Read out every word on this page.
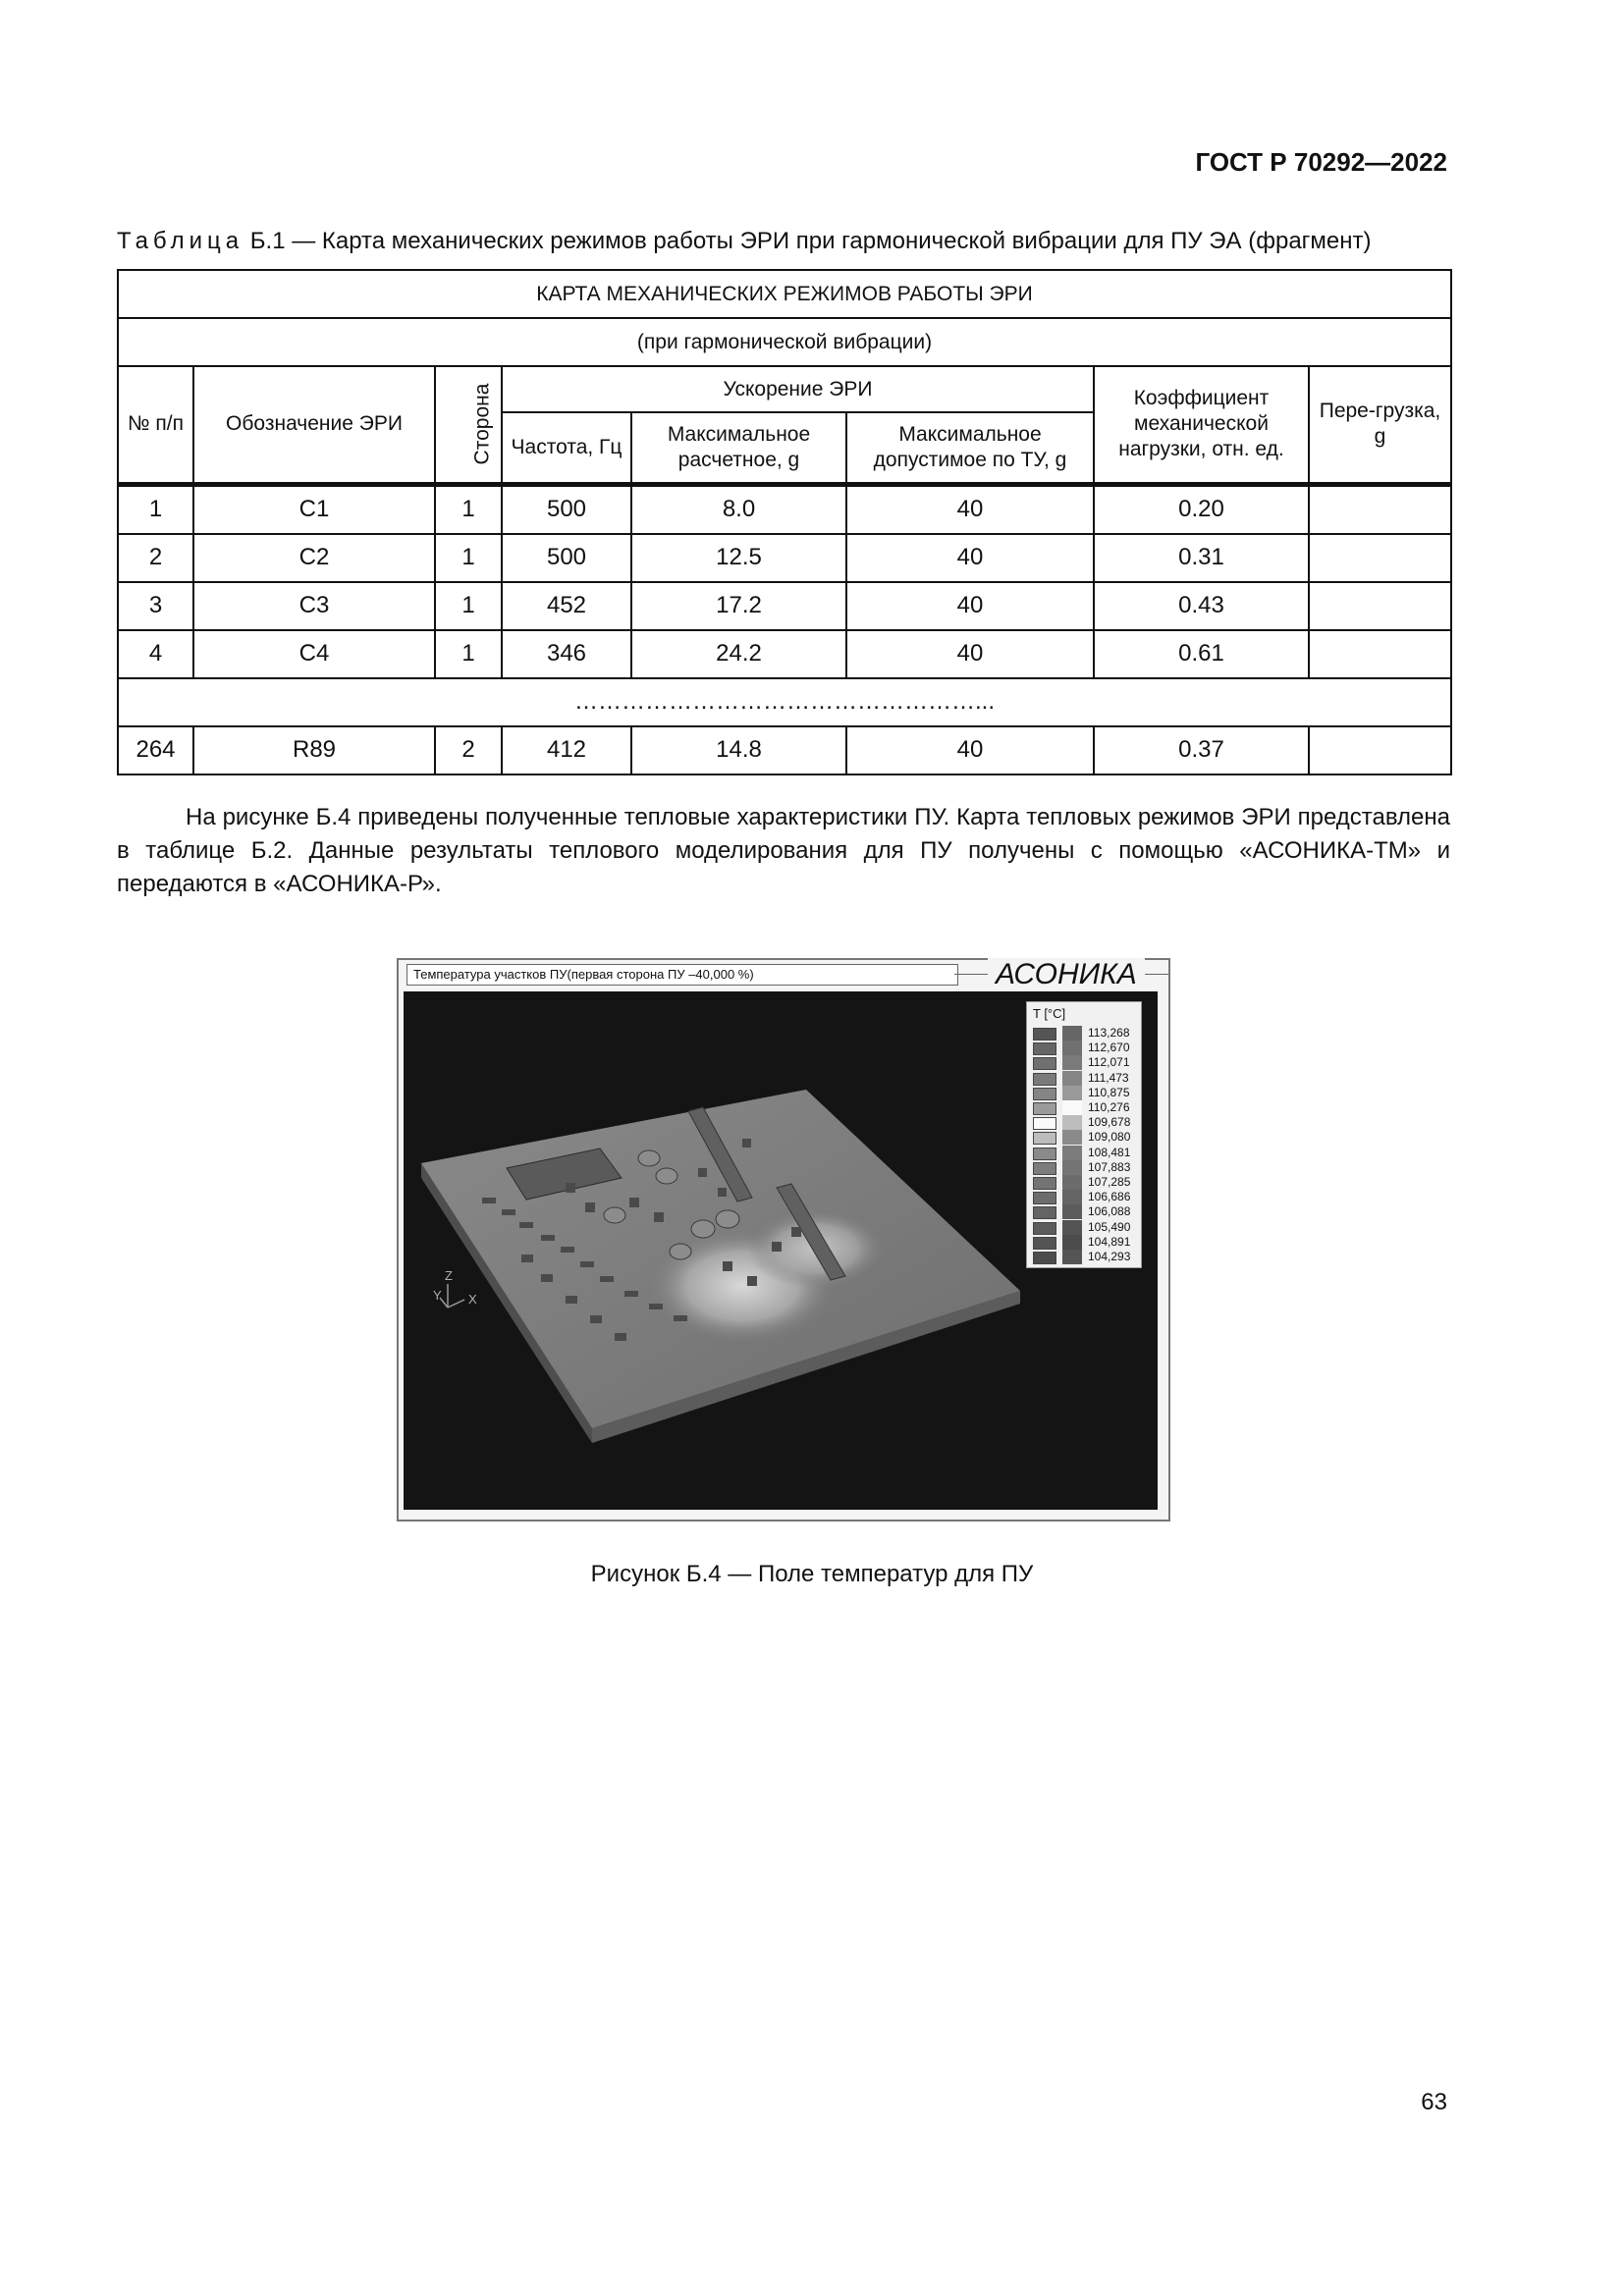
ГОСТ Р 70292—2022
Таблица Б.1 — Карта механических режимов работы ЭРИ при гармонической вибрации для ПУ ЭА (фрагмент)
КАРТА МЕХАНИЧЕСКИХ РЕЖИМОВ РАБОТЫ ЭРИ							
(при гармонической вибрации)							
№ п/п	Обозначение ЭРИ	Сторона	Ускорение ЭРИ			Коэффициент механической нагрузки, отн. ед.	Пере-грузка, g
			Частота, Гц	Максимальное расчетное, g	Максимальное допустимое по ТУ, g		
1	C1	1	500	8.0	40	0.20	
2	C2	1	500	12.5	40	0.31	
3	C3	1	452	17.2	40	0.43	
4	C4	1	346	24.2	40	0.61	
……………………………………………...							
264	R89	2	412	14.8	40	0.37	
На рисунке Б.4 приведены полученные тепловые характеристики ПУ. Карта тепловых режимов ЭРИ представлена в таблице Б.2. Данные результаты теплового моделирования для ПУ получены с помощью «АСОНИКА-ТМ» и передаются в «АСОНИКА-Р».
Температура участков ПУ(первая сторона ПУ –40,000 %)	АСОНИКА
Z
Y X
T [°C]
113,268
112,670
112,071
111,473
110,875
110,276
109,678
109,080
108,481
107,883
107,285
106,686
106,088
105,490
104,891
104,293
Рисунок Б.4 — Поле температур для ПУ
63
